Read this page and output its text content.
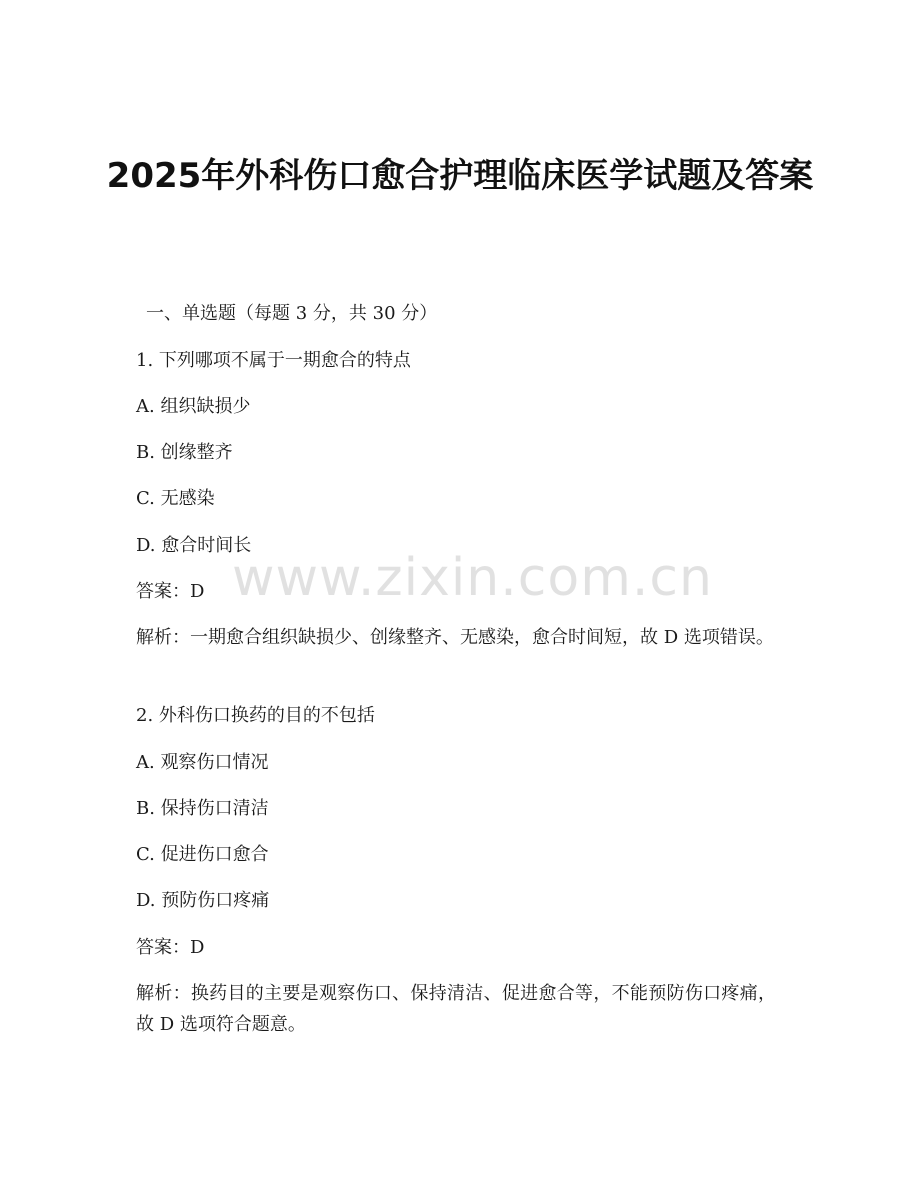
2025年外科伤口愈合护理临床医学试题及答案
一、单选题（每题 3 分，共 30 分）
1. 下列哪项不属于一期愈合的特点
A. 组织缺损少
B. 创缘整齐
C. 无感染
D. 愈合时间长
答案：D
解析：一期愈合组织缺损少、创缘整齐、无感染，愈合时间短，故 D 选项错误。
2. 外科伤口换药的目的不包括
A. 观察伤口情况
B. 保持伤口清洁
C. 促进伤口愈合
D. 预防伤口疼痛
答案：D
解析：换药目的主要是观察伤口、保持清洁、促进愈合等，不能预防伤口疼痛，故 D 选项符合题意。
www.zixin.com.cn
